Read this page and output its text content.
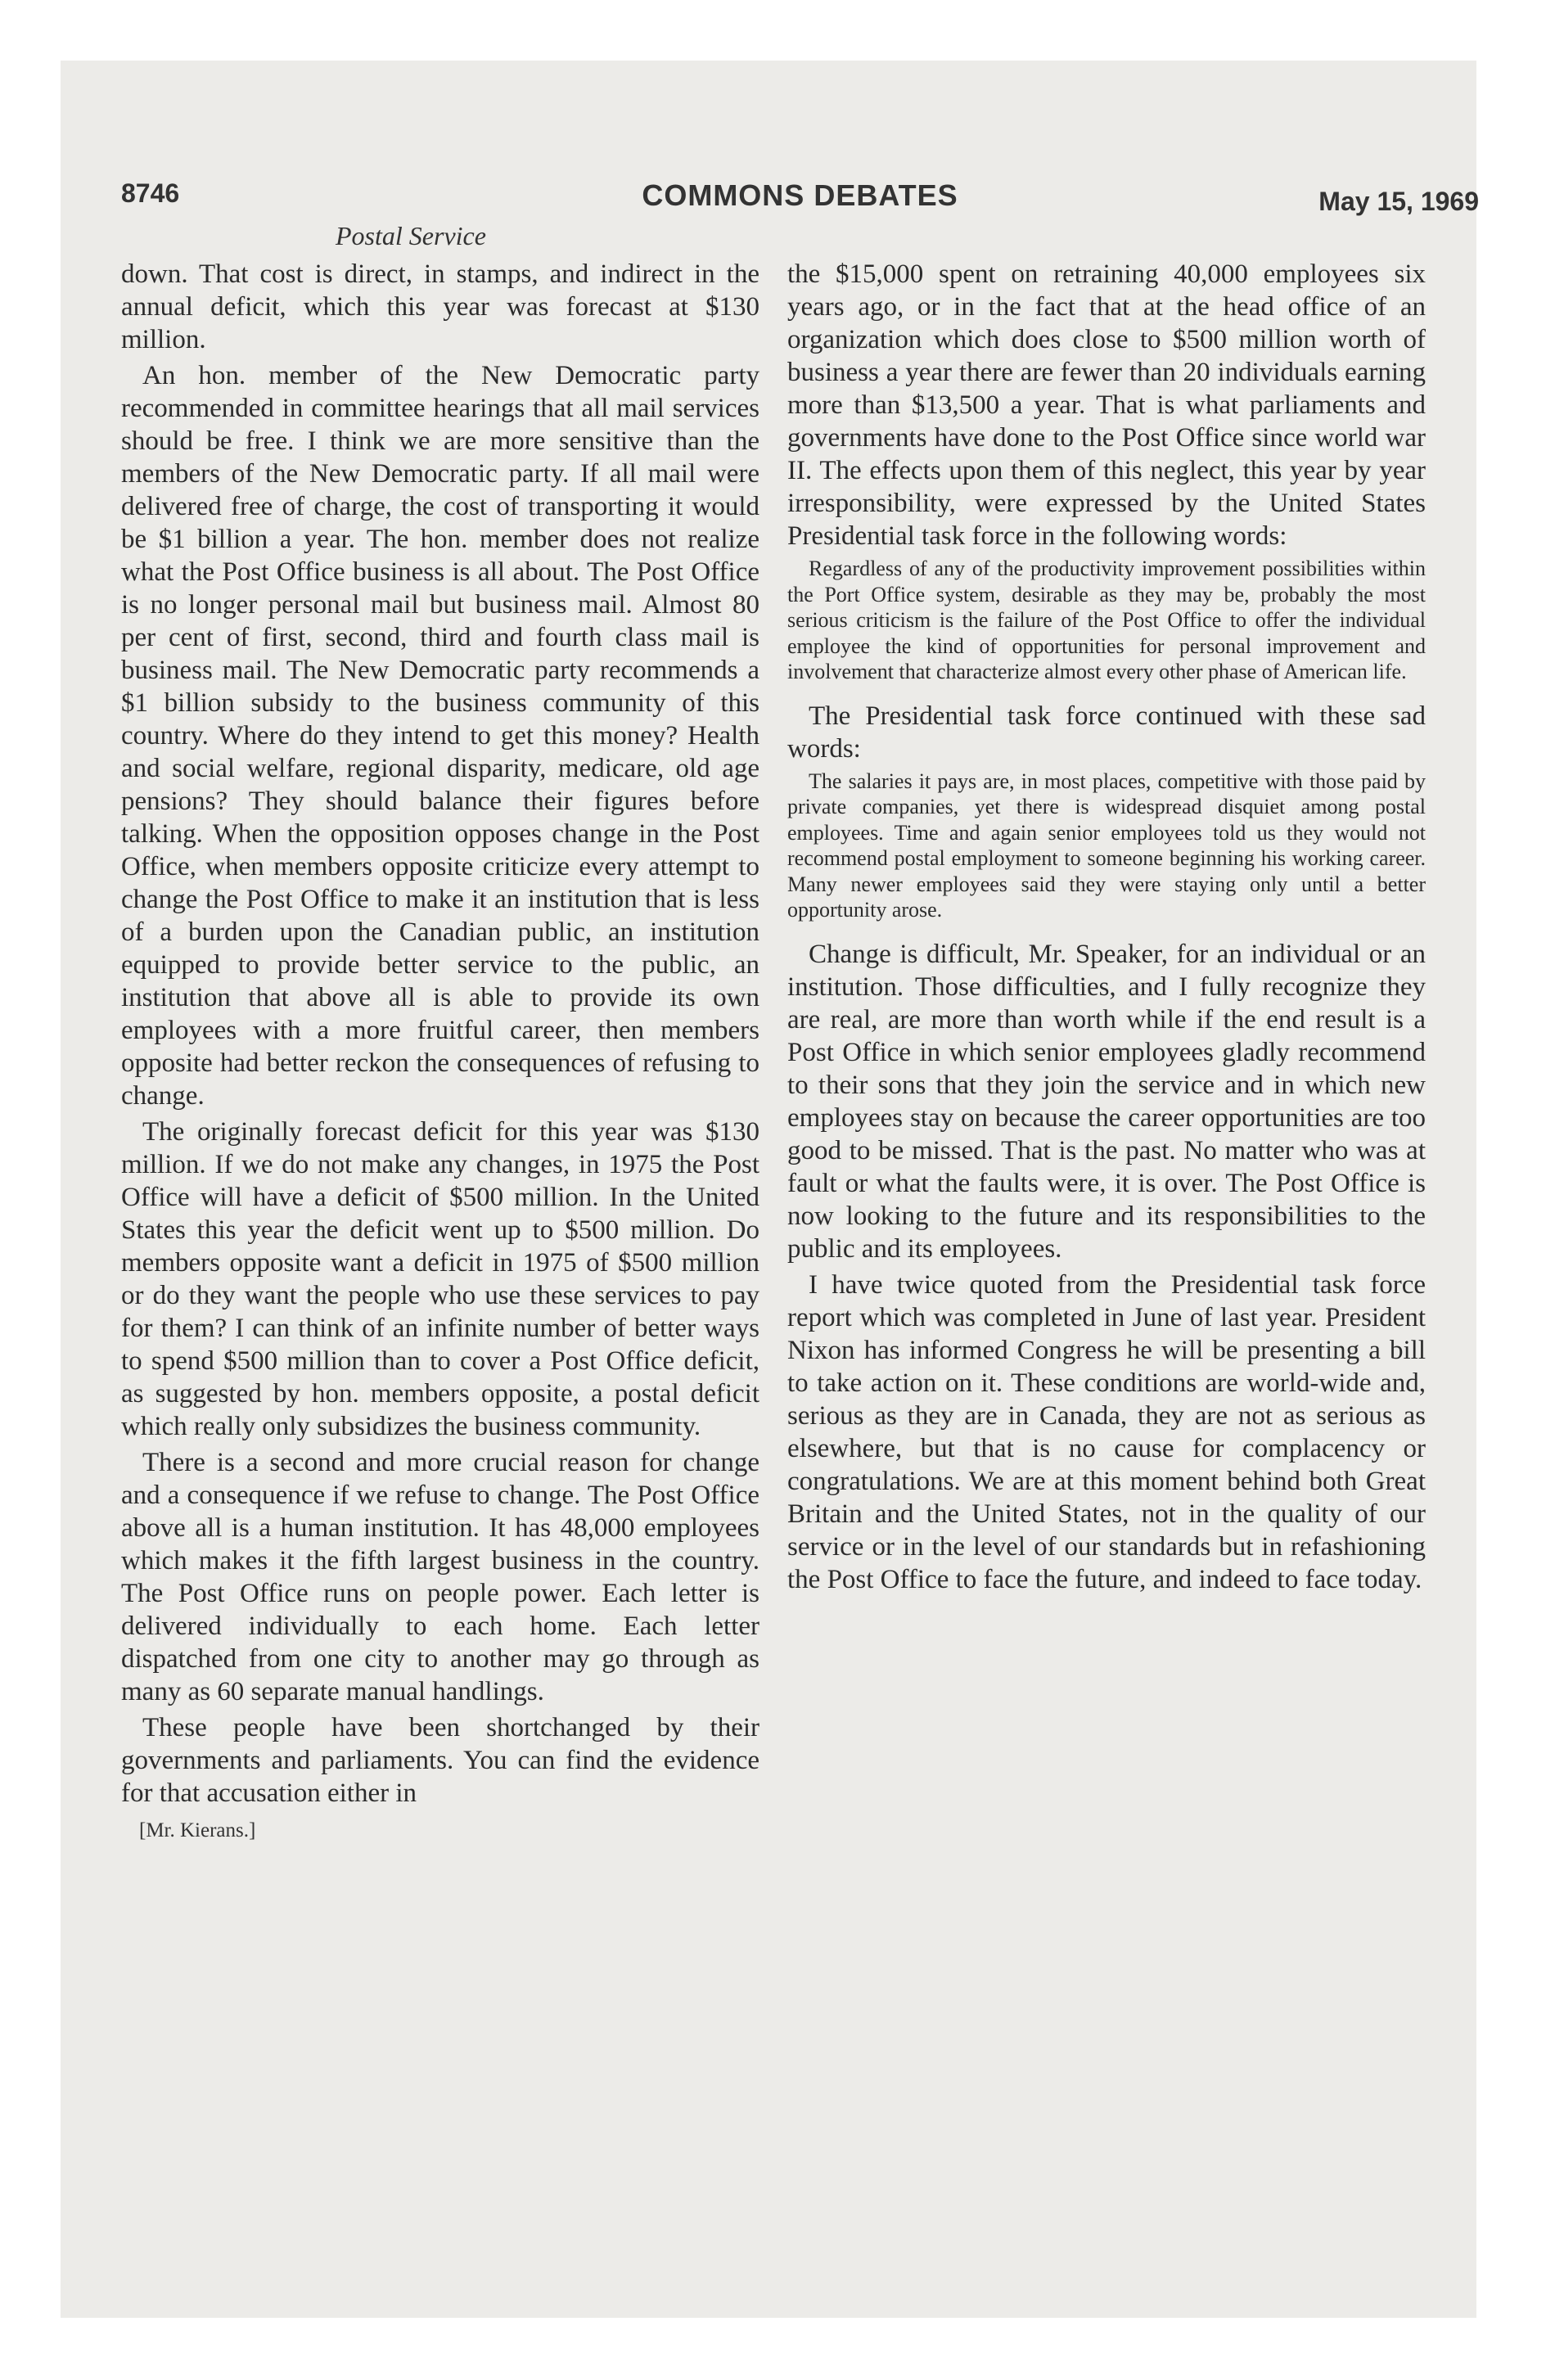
8746	COMMONS DEBATES	May 15, 1969
Postal Service

down. That cost is direct, in stamps, and indirect in the annual deficit, which this year was forecast at $130 million.

An hon. member of the New Democratic party recommended in committee hearings that all mail services should be free. I think we are more sensitive than the members of the New Democratic party. If all mail were delivered free of charge, the cost of transporting it would be $1 billion a year. The hon. member does not realize what the Post Office business is all about. The Post Office is no longer personal mail but business mail. Almost 80 per cent of first, second, third and fourth class mail is business mail. The New Democratic party recommends a $1 billion subsidy to the business community of this country. Where do they intend to get this money? Health and social welfare, regional disparity, medicare, old age pensions? They should balance their figures before talking. When the opposition opposes change in the Post Office, when members opposite criticize every attempt to change the Post Office to make it an institution that is less of a burden upon the Canadian public, an institution equipped to provide better service to the public, an institution that above all is able to provide its own employees with a more fruitful career, then members opposite had better reckon the consequences of refusing to change.

The originally forecast deficit for this year was $130 million. If we do not make any changes, in 1975 the Post Office will have a deficit of $500 million. In the United States this year the deficit went up to $500 million. Do members opposite want a deficit in 1975 of $500 million or do they want the people who use these services to pay for them? I can think of an infinite number of better ways to spend $500 million than to cover a Post Office deficit, as suggested by hon. members opposite, a postal deficit which really only subsidizes the business community.

There is a second and more crucial reason for change and a consequence if we refuse to change. The Post Office above all is a human institution. It has 48,000 employees which makes it the fifth largest business in the country. The Post Office runs on people power. Each letter is delivered individually to each home. Each letter dispatched from one city to another may go through as many as 60 separate manual handlings.

These people have been shortchanged by their governments and parliaments. You can find the evidence for that accusation either in

[Mr. Kierans.]

the $15,000 spent on retraining 40,000 employees six years ago, or in the fact that at the head office of an organization which does close to $500 million worth of business a year there are fewer than 20 individuals earning more than $13,500 a year. That is what parliaments and governments have done to the Post Office since world war II. The effects upon them of this neglect, this year by year irresponsibility, were expressed by the United States Presidential task force in the following words:

Regardless of any of the productivity improvement possibilities within the Port Office system, desirable as they may be, probably the most serious criticism is the failure of the Post Office to offer the individual employee the kind of opportunities for personal improvement and involvement that characterize almost every other phase of American life.

The Presidential task force continued with these sad words:

The salaries it pays are, in most places, competitive with those paid by private companies, yet there is widespread disquiet among postal employees. Time and again senior employees told us they would not recommend postal employment to someone beginning his working career. Many newer employees said they were staying only until a better opportunity arose.

Change is difficult, Mr. Speaker, for an individual or an institution. Those difficulties, and I fully recognize they are real, are more than worth while if the end result is a Post Office in which senior employees gladly recommend to their sons that they join the service and in which new employees stay on because the career opportunities are too good to be missed. That is the past. No matter who was at fault or what the faults were, it is over. The Post Office is now looking to the future and its responsibilities to the public and its employees.

I have twice quoted from the Presidential task force report which was completed in June of last year. President Nixon has informed Congress he will be presenting a bill to take action on it. These conditions are world-wide and, serious as they are in Canada, they are not as serious as elsewhere, but that is no cause for complacency or congratulations. We are at this moment behind both Great Britain and the United States, not in the quality of our service or in the level of our standards but in refashioning the Post Office to face the future, and indeed to face today.
